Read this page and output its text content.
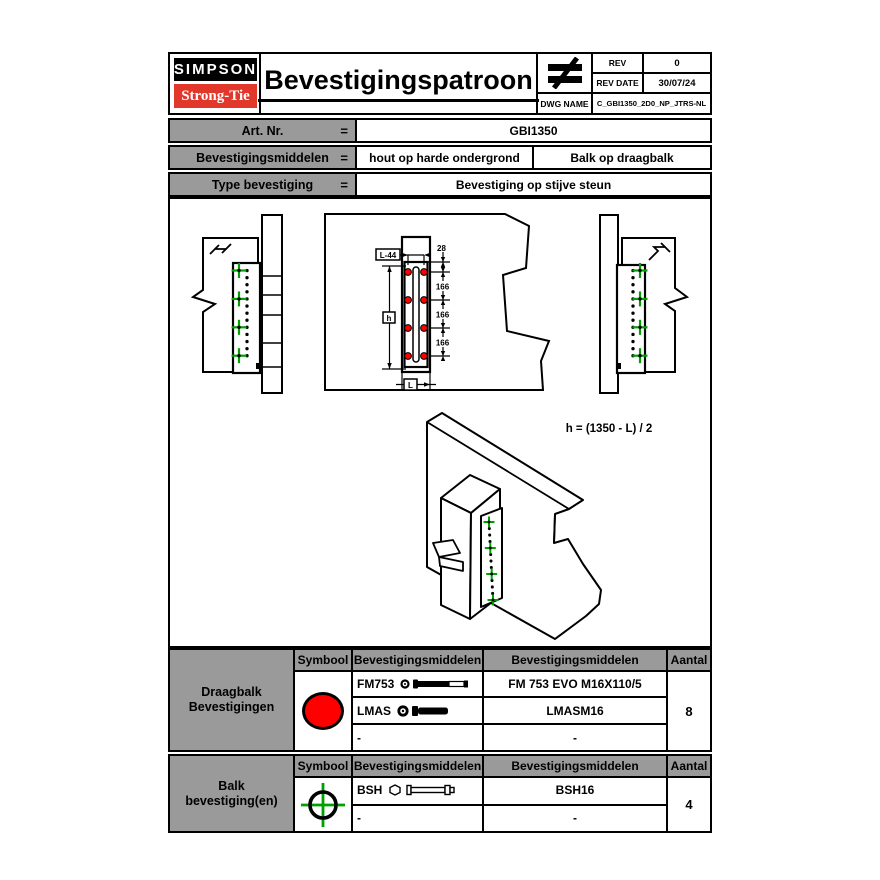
SIMPSON
Strong-Tie
Bevestigingspatroon
REV	0
REV DATE	30/07/24
DWG NAME	C_GBI1350_2D0_NP_JTRS-NL
Art. Nr.	=	GBI1350
Bevestigingsmiddelen =	hout op harde ondergrond	Balk op draagbalk
Type bevestiging =	Bevestiging op stijve steun
L-44
h
L
28
166
166
166
h = (1350 - L) / 2
Draagbalk
Bevestigingen
Symbool Bevestigingsmiddelen	Bevestigingsmiddelen	Aantal
FM753	FM 753 EVO M16X110/5
LMAS	LMASM16
-	-
8
Balk
bevestiging(en)
Symbool Bevestigingsmiddelen	Bevestigingsmiddelen	Aantal
BSH	BSH16
-	-
4
